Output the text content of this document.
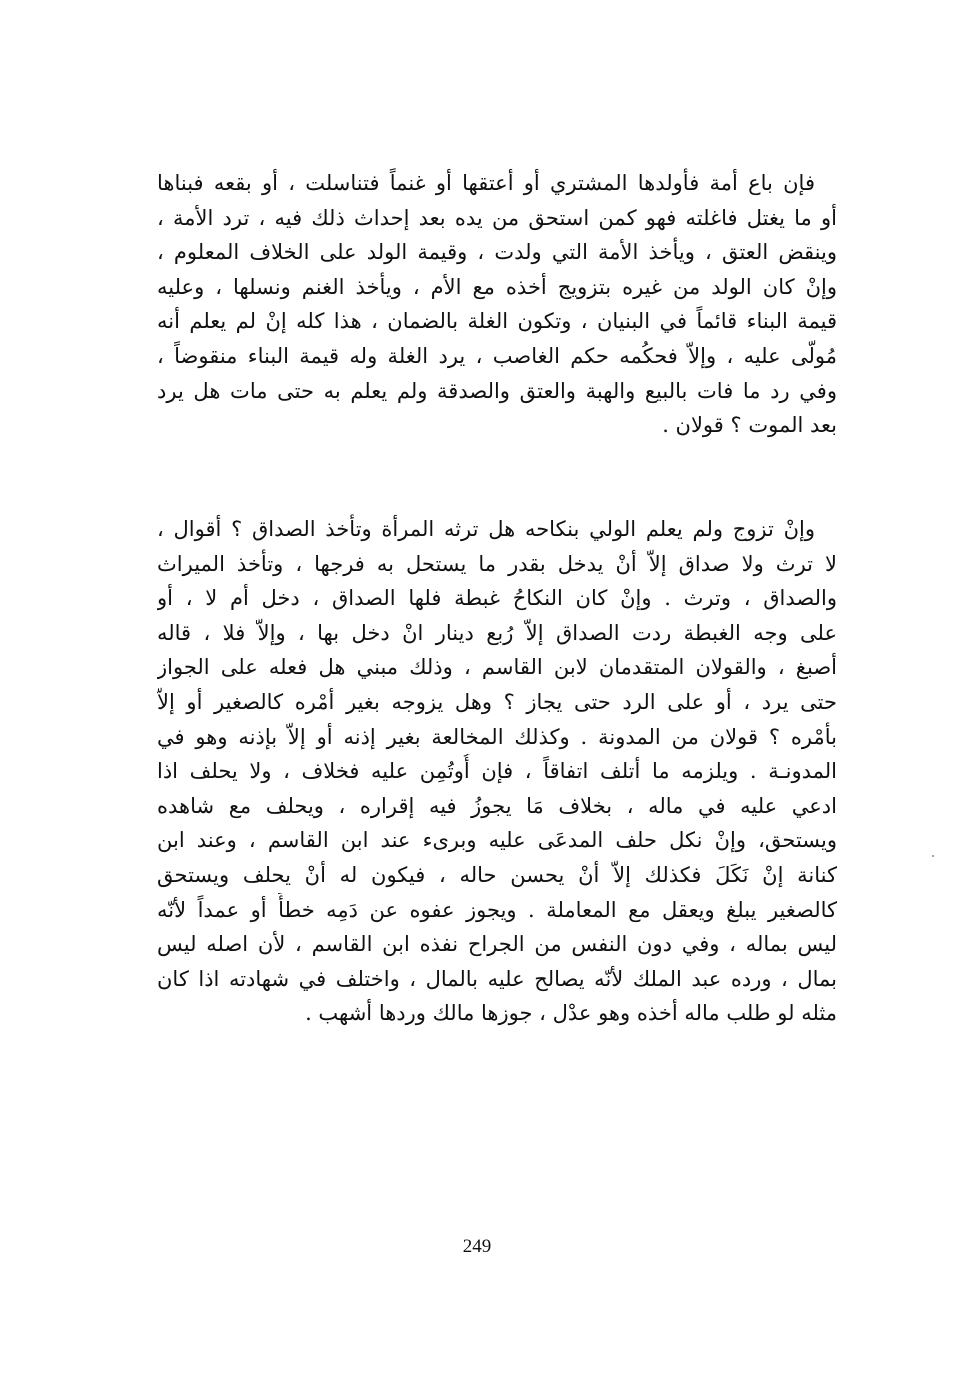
فإن باع أمة فأولدها المشتري أو أعتقها أو غنماً فتناسلت ، أو بقعه فبناها
أو ما يغتل فاغلته فهو كمن استحق من يده بعد إحداث ذلك فيه ، ترد الأمة ،
وينقض العتق ، ويأخذ الأمة التي ولدت ، وقيمة الولد على الخلاف المعلوم ،
وإنْ كان الولد من غيره بتزويج أخذه مع الأم ، ويأخذ الغنم ونسلها ، وعليه
قيمة البناء قائماً في البنيان ، وتكون الغلة بالضمان ، هذا كله إنْ لم يعلم أنه
مُولّى عليه ، وإلاّ فحكُمه حكم الغاصب ، يرد الغلة وله قيمة البناء منقوضاً ،
وفي رد ما فات بالبيع والهبة والعتق والصدقة ولم يعلم به حتى مات هل يرد
بعد الموت ؟ قولان .
وإنْ تزوج ولم يعلم الولي بنكاحه هل ترثه المرأة وتأخذ الصداق ؟ أقوال ،
لا ترث ولا صداق إلاّ أنْ يدخل بقدر ما يستحل به فرجها ، وتأخذ الميراث
والصداق ، وترث . وإنْ كان النكاحُ غبطة فلها الصداق ، دخل أم لا ، أو
على وجه الغبطة ردت الصداق إلاّ رُبع دينار انْ دخل بها ، وإلاّ فلا ، قاله
أصبغ ، والقولان المتقدمان لابن القاسم ، وذلك مبني هل فعله على الجواز
حتى يرد ، أو على الرد حتى يجاز ؟ وهل يزوجه بغير أمْره كالصغير أو إلاّ
بأمْره ؟ قولان من المدونة . وكذلك المخالعة بغير إذنه أو إلاّ بإذنه وهو في
المدونـة . ويلزمه ما أتلف اتفاقاً ، فإن أُوتُمِن عليه فخلاف ، ولا يحلف اذا
ادعي عليه في ماله ، بخلاف مَا يجوزُ فيه إقراره ، ويحلف مع شاهده
ويستحق، وإنْ نكل حلف المدعَى عليه وبرىء عند ابن القاسم ، وعند ابن
كنانة إنْ نَكَلَ فكذلك إلاّ أنْ يحسن حاله ، فيكون له أنْ يحلف ويستحق
كالصغير يبلغ ويعقل مع المعاملة . ويجوز عفوه عن دَمِه خطأً أو عمداً لأنّه
ليس بماله ، وفي دون النفس من الجراح نفذه ابن القاسم ، لأن اصله ليس
بمال ، ورده عبد الملك لأنّه يصالح عليه بالمال ، واختلف في شهادته اذا كان
مثله لو طلب ماله أخذه وهو عدْل ، جوزها مالك وردها أشهب .
249
